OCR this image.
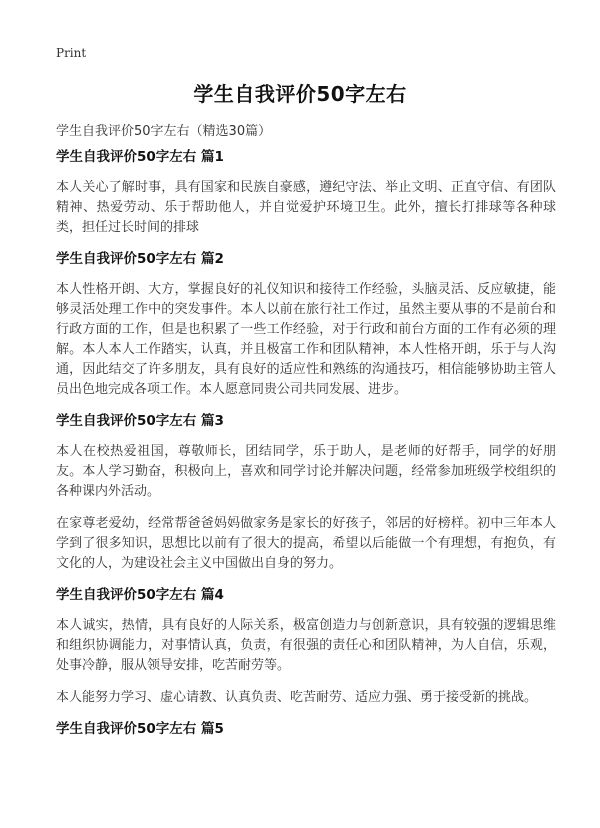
Print
学生自我评价50字左右
学生自我评价50字左右（精选30篇）
学生自我评价50字左右 篇1

本人关心了解时事，具有国家和民族自豪感，遵纪守法、举止文明、正直守信、有团队精神、热爱劳动、乐于帮助他人，并自觉爱护环境卫生。此外，擅长打排球等各种球类，担任过长时间的排球

学生自我评价50字左右 篇2

本人性格开朗、大方，掌握良好的礼仪知识和接待工作经验，头脑灵活、反应敏捷，能够灵活处理工作中的突发事件。本人以前在旅行社工作过，虽然主要从事的不是前台和行政方面的工作，但是也积累了一些工作经验，对于行政和前台方面的工作有必须的理解。本人本人工作踏实，认真，并且极富工作和团队精神，本人性格开朗，乐于与人沟通，因此结交了许多朋友，具有良好的适应性和熟练的沟通技巧，相信能够协助主管人员出色地完成各项工作。本人愿意同贵公司共同发展、进步。

学生自我评价50字左右 篇3

本人在校热爱祖国，尊敬师长，团结同学，乐于助人，是老师的好帮手，同学的好朋友。本人学习勤奋，积极向上，喜欢和同学讨论并解决问题，经常参加班级学校组织的各种课内外活动。

在家尊老爱幼，经常帮爸爸妈妈做家务是家长的好孩子，邻居的好榜样。初中三年本人学到了很多知识，思想比以前有了很大的提高，希望以后能做一个有理想，有抱负，有文化的人，为建设社会主义中国做出自身的努力。

学生自我评价50字左右 篇4

本人诚实，热情，具有良好的人际关系，极富创造力与创新意识，具有较强的逻辑思维和组织协调能力，对事情认真，负责，有很强的责任心和团队精神，为人自信，乐观，处事冷静，服从领导安排，吃苦耐劳等。

本人能努力学习、虚心请教、认真负责、吃苦耐劳、适应力强、勇于接受新的挑战。

学生自我评价50字左右 篇5
